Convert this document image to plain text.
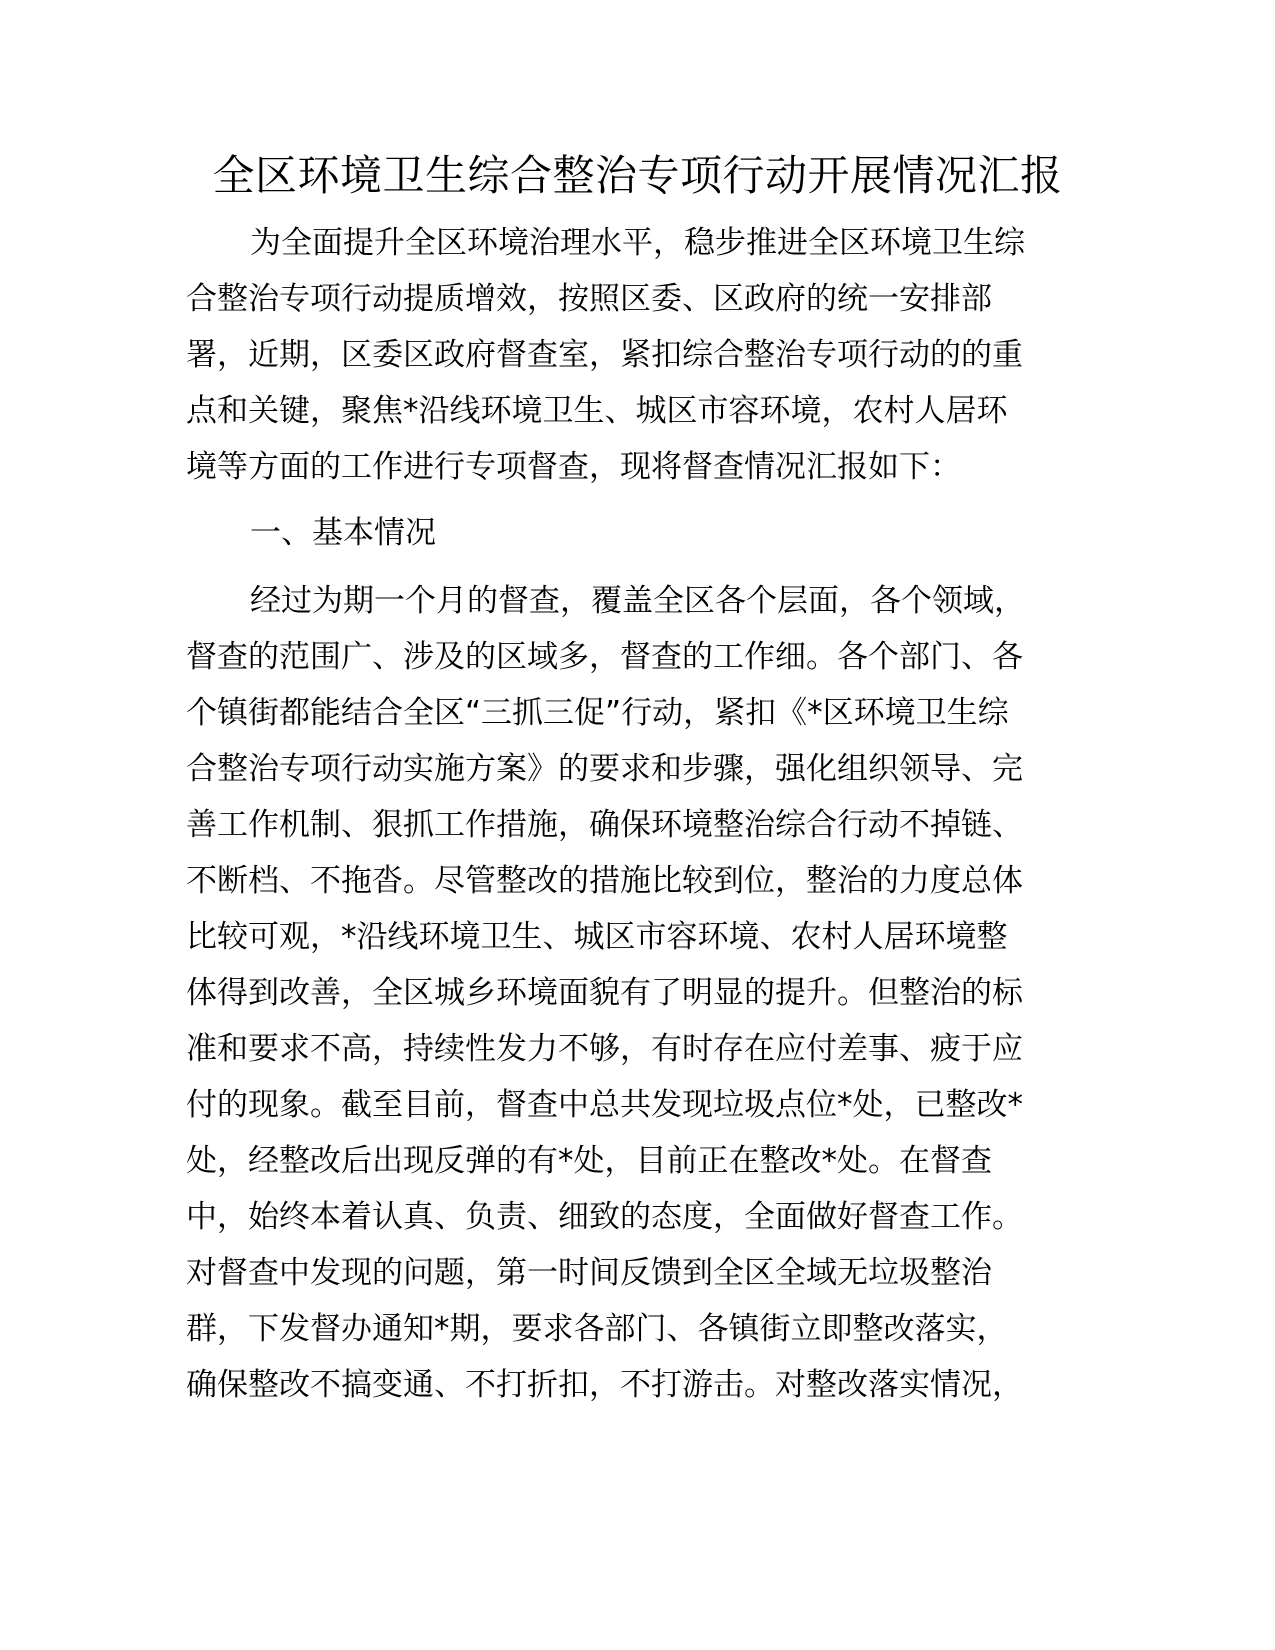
全区环境卫生综合整治专项行动开展情况汇报
为全面提升全区环境治理水平，稳步推进全区环境卫生综
合整治专项行动提质增效，按照区委、区政府的统一安排部
署，近期，区委区政府督查室，紧扣综合整治专项行动的的重
点和关键，聚焦*沿线环境卫生、城区市容环境，农村人居环
境等方面的工作进行专项督查，现将督查情况汇报如下：
一、基本情况
经过为期一个月的督查，覆盖全区各个层面，各个领域，
督查的范围广、涉及的区域多，督查的工作细。各个部门、各
个镇街都能结合全区“三抓三促”行动，紧扣《*区环境卫生综
合整治专项行动实施方案》的要求和步骤，强化组织领导、完
善工作机制、狠抓工作措施，确保环境整治综合行动不掉链、
不断档、不拖沓。尽管整改的措施比较到位，整治的力度总体
比较可观，*沿线环境卫生、城区市容环境、农村人居环境整
体得到改善，全区城乡环境面貌有了明显的提升。但整治的标
准和要求不高，持续性发力不够，有时存在应付差事、疲于应
付的现象。截至目前，督查中总共发现垃圾点位*处，已整改*
处，经整改后出现反弹的有*处，目前正在整改*处。在督查
中，始终本着认真、负责、细致的态度，全面做好督查工作。
对督查中发现的问题，第一时间反馈到全区全域无垃圾整治
群，下发督办通知*期，要求各部门、各镇街立即整改落实，
确保整改不搞变通、不打折扣，不打游击。对整改落实情况，
